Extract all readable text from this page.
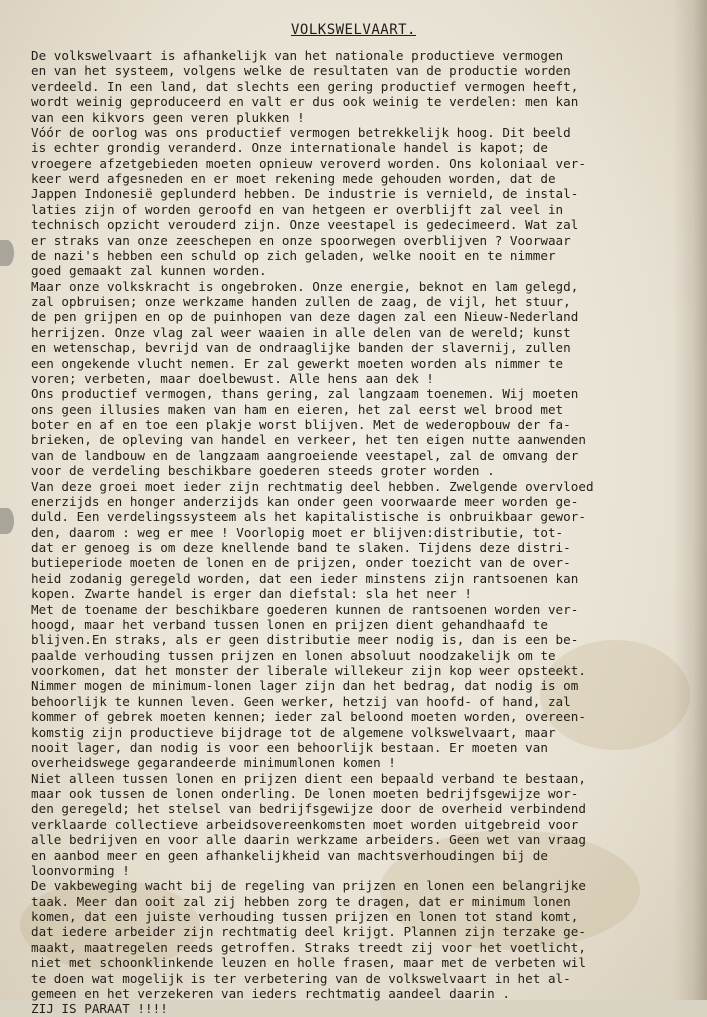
VOLKSWELVAART.
De volkswelvaart is afhankelijk van het nationale productieve vermogen
en van het systeem, volgens welke de resultaten van de productie worden
verdeeld. In een land, dat slechts een gering productief vermogen heeft,
wordt weinig geproduceerd en valt er dus ook weinig te verdelen: men kan
van een kikvors geen veren plukken !
Vóór de oorlog was ons productief vermogen betrekkelijk hoog. Dit beeld
is echter grondig veranderd. Onze internationale handel is kapot; de
vroegere afzetgebieden moeten opnieuw veroverd worden. Ons koloniaal ver-
keer werd afgesneden en er moet rekening mede gehouden worden, dat de
Jappen Indonesië geplunderd hebben. De industrie is vernield, de instal-
laties zijn of worden geroofd en van hetgeen er overblijft zal veel in
technisch opzicht verouderd zijn. Onze veestapel is gedecimeerd. Wat zal
er straks van onze zeeschepen en onze spoorwegen overblijven ? Voorwaar
de nazi's hebben een schuld op zich geladen, welke nooit en te nimmer
goed gemaakt zal kunnen worden.
Maar onze volkskracht is ongebroken. Onze energie, beknot en lam gelegd,
zal opbruisen; onze werkzame handen zullen de zaag, de vijl, het stuur,
de pen grijpen en op de puinhopen van deze dagen zal een Nieuw-Nederland
herrijzen. Onze vlag zal weer waaien in alle delen van de wereld; kunst
en wetenschap, bevrijd van de ondraaglijke banden der slavernij, zullen
een ongekende vlucht nemen. Er zal gewerkt moeten worden als nimmer te
voren; verbeten, maar doelbewust. Alle hens aan dek !
Ons productief vermogen, thans gering, zal langzaam toenemen. Wij moeten
ons geen illusies maken van ham en eieren, het zal eerst wel brood met
boter en af en toe een plakje worst blijven. Met de wederopbouw der fa-
brieken, de opleving van handel en verkeer, het ten eigen nutte aanwenden
van de landbouw en de langzaam aangroeiende veestapel, zal de omvang der
voor de verdeling beschikbare goederen steeds groter worden .
Van deze groei moet ieder zijn rechtmatig deel hebben. Zwelgende overvloed
enerzijds en honger anderzijds kan onder geen voorwaarde meer worden ge-
duld. Een verdelingssysteem als het kapitalistische is onbruikbaar gewor-
den, daarom : weg er mee ! Voorlopig moet er blijven:distributie, tot-
dat er genoeg is om deze knellende band te slaken. Tijdens deze distri-
butieperiode moeten de lonen en de prijzen, onder toezicht van de over-
heid zodanig geregeld worden, dat een ieder minstens zijn rantsoenen kan
kopen. Zwarte handel is erger dan diefstal: sla het neer !
Met de toename der beschikbare goederen kunnen de rantsoenen worden ver-
hoogd, maar het verband tussen lonen en prijzen dient gehandhaafd te
blijven.En straks, als er geen distributie meer nodig is, dan is een be-
paalde verhouding tussen prijzen en lonen absoluut noodzakelijk om te
voorkomen, dat het monster der liberale willekeur zijn kop weer opsteekt.
Nimmer mogen de minimum-lonen lager zijn dan het bedrag, dat nodig is om
behoorlijk te kunnen leven. Geen werker, hetzij van hoofd- of hand, zal
kommer of gebrek moeten kennen; ieder zal beloond moeten worden, overeen-
komstig zijn productieve bijdrage tot de algemene volkswelvaart, maar
nooit lager, dan nodig is voor een behoorlijk bestaan. Er moeten van
overheidswege gegarandeerde minimumlonen komen !
Niet alleen tussen lonen en prijzen dient een bepaald verband te bestaan,
maar ook tussen de lonen onderling. De lonen moeten bedrijfsgewijze wor-
den geregeld; het stelsel van bedrijfsgewijze door de overheid verbindend
verklaarde collectieve arbeidsovereenkomsten moet worden uitgebreid voor
alle bedrijven en voor alle daarin werkzame arbeiders. Geen wet van vraag
en aanbod meer en geen afhankelijkheid van machtsverhoudingen bij de
loonvorming !
De vakbeweging wacht bij de regeling van prijzen en lonen een belangrijke
taak. Meer dan ooit zal zij hebben zorg te dragen, dat er minimum lonen
komen, dat een juiste verhouding tussen prijzen en lonen tot stand komt,
dat iedere arbeider zijn rechtmatig deel krijgt. Plannen zijn terzake ge-
maakt, maatregelen reeds getroffen. Straks treedt zij voor het voetlicht,
niet met schoonklinkende leuzen en holle frasen, maar met de verbeten wil
te doen wat mogelijk is ter verbetering van de volkswelvaart in het al-
gemeen en het verzekeren van ieders rechtmatig aandeel daarin .
ZIJ IS PARAAT !!!!
